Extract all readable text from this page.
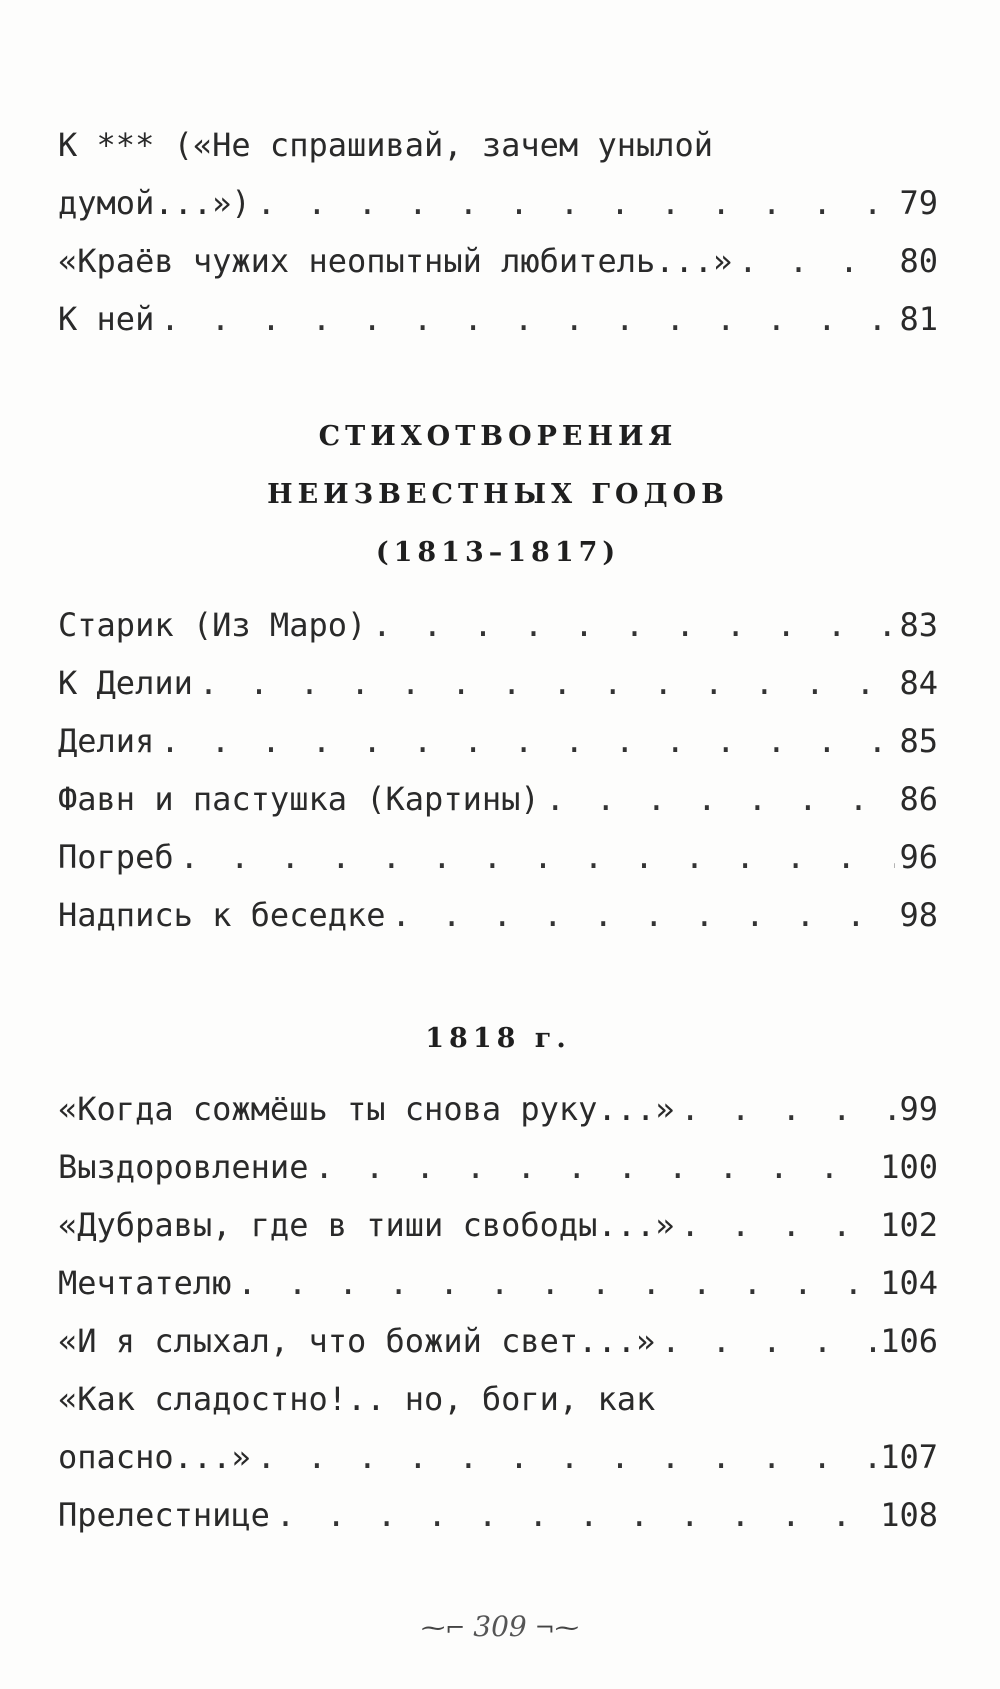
К *** («Не спрашивай, зачем унылой
думой...») . . .	79
«Краёв чужих неопытный любитель...» . . .	80
К ней . . .	81
СТИХОТВОРЕНИЯ
НЕИЗВЕСТНЫХ ГОДОВ
(1813–1817)
Старик (Из Маро) . . .	83
К Делии . . .	84
Делия . . .	85
Фавн и пастушка (Картины) . . .	86
Погреб . . .	96
Надпись к беседке . . .	98
1818 г.
«Когда сожмёшь ты снова руку...» . . .	99
Выздоровление . . .	100
«Дубравы, где в тиши свободы...» . . .	102
Мечтателю . . .	104
«И я слыхал, что божий свет...» . . .	106
«Как сладостно!.. но, боги, как
опасно...» . . .	107
Прелестнице . . .	108
⁓⌐ 309 ¬⁓
